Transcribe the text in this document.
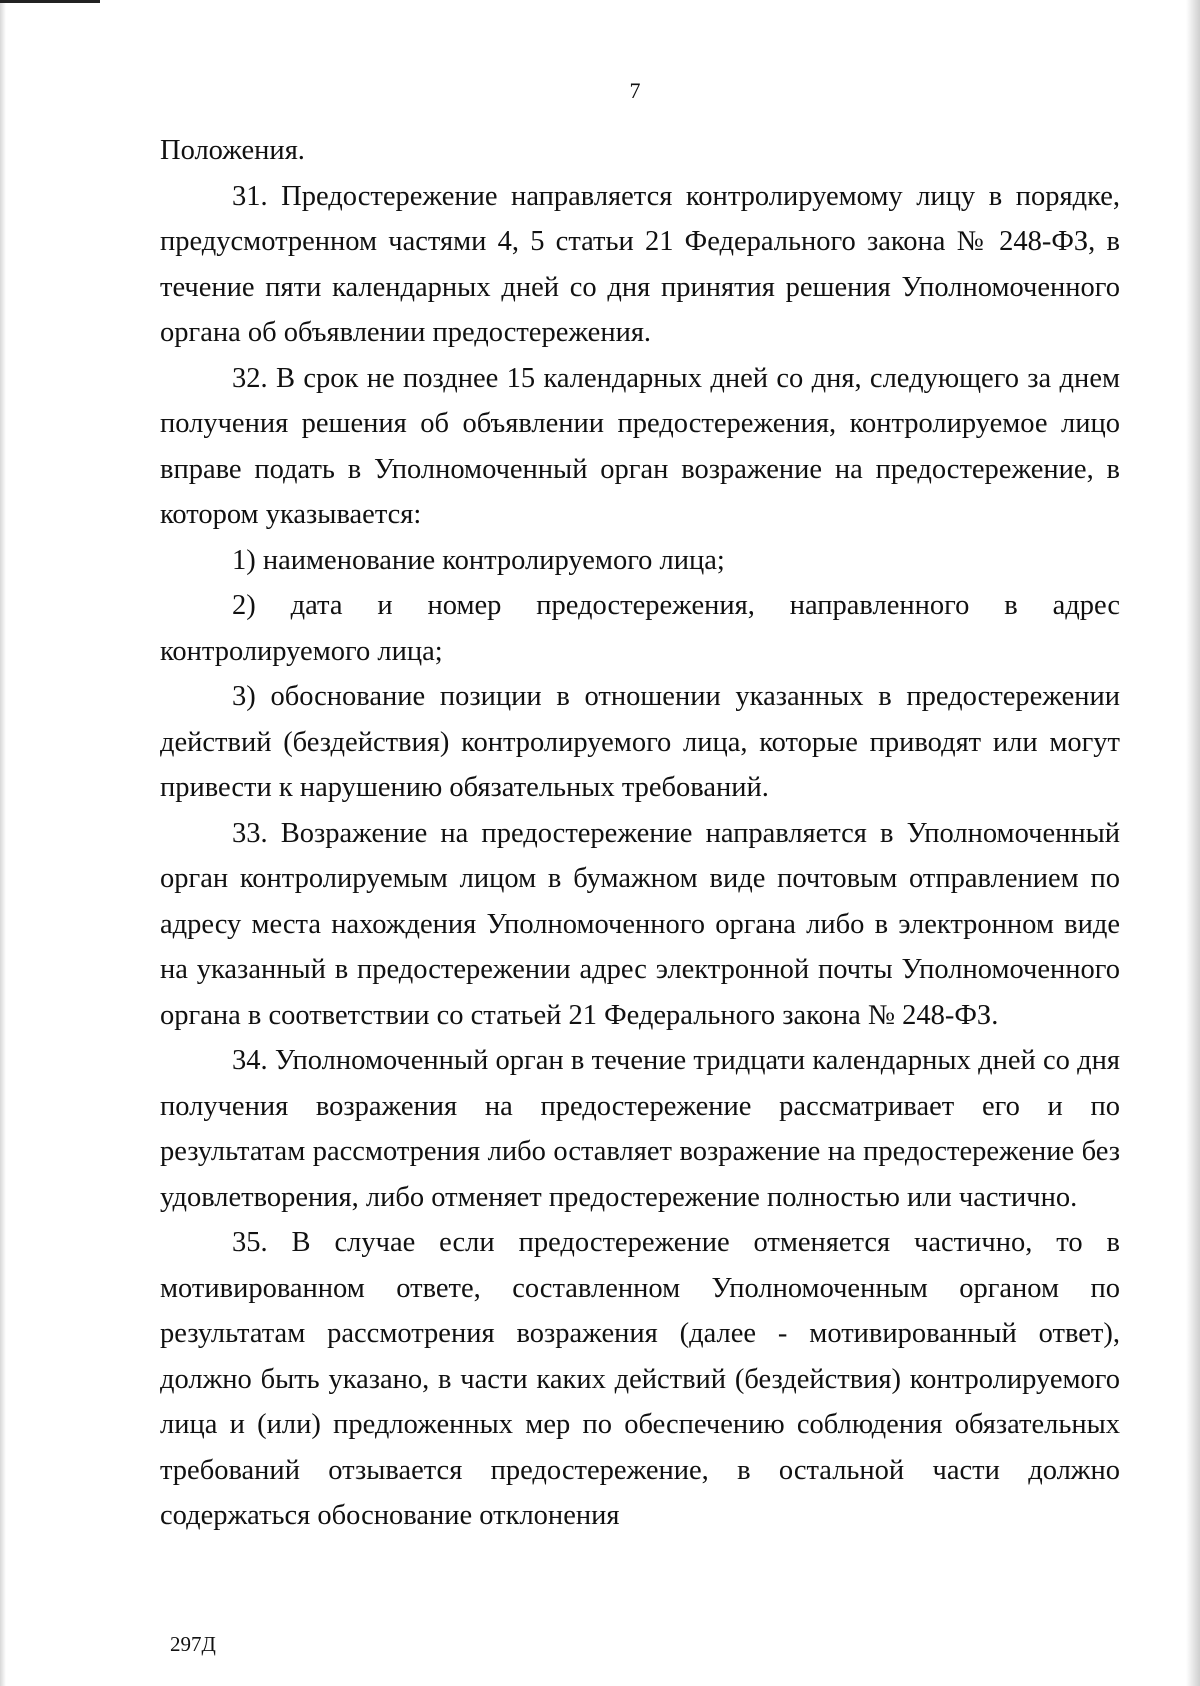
7

Положения.

31. Предостережение направляется контролируемому лицу в порядке, предусмотренном частями 4, 5 статьи 21 Федерального закона № 248-ФЗ, в течение пяти календарных дней со дня принятия решения Уполномоченного органа об объявлении предостережения.

32. В срок не позднее 15 календарных дней со дня, следующего за днем получения решения об объявлении предостережения, контролируемое лицо вправе подать в Уполномоченный орган возражение на предостережение, в котором указывается:

1) наименование контролируемого лица;

2) дата и номер предостережения, направленного в адрес контролируемого лица;

3) обоснование позиции в отношении указанных в предостережении действий (бездействия) контролируемого лица, которые приводят или могут привести к нарушению обязательных требований.

33. Возражение на предостережение направляется в Уполномоченный орган контролируемым лицом в бумажном виде почтовым отправлением по адресу места нахождения Уполномоченного органа либо в электронном виде на указанный в предостережении адрес электронной почты Уполномоченного органа в соответствии со статьей 21 Федерального закона № 248-ФЗ.

34. Уполномоченный орган в течение тридцати календарных дней со дня получения возражения на предостережение рассматривает его и по результатам рассмотрения либо оставляет возражение на предостережение без удовлетворения, либо отменяет предостережение полностью или частично.

35. В случае если предостережение отменяется частично, то в мотивированном ответе, составленном Уполномоченным органом по результатам рассмотрения возражения (далее - мотивированный ответ), должно быть указано, в части каких действий (бездействия) контролируемого лица и (или) предложенных мер по обеспечению соблюдения обязательных требований отзывается предостережение, в остальной части должно содержаться обоснование отклонения

297Д
